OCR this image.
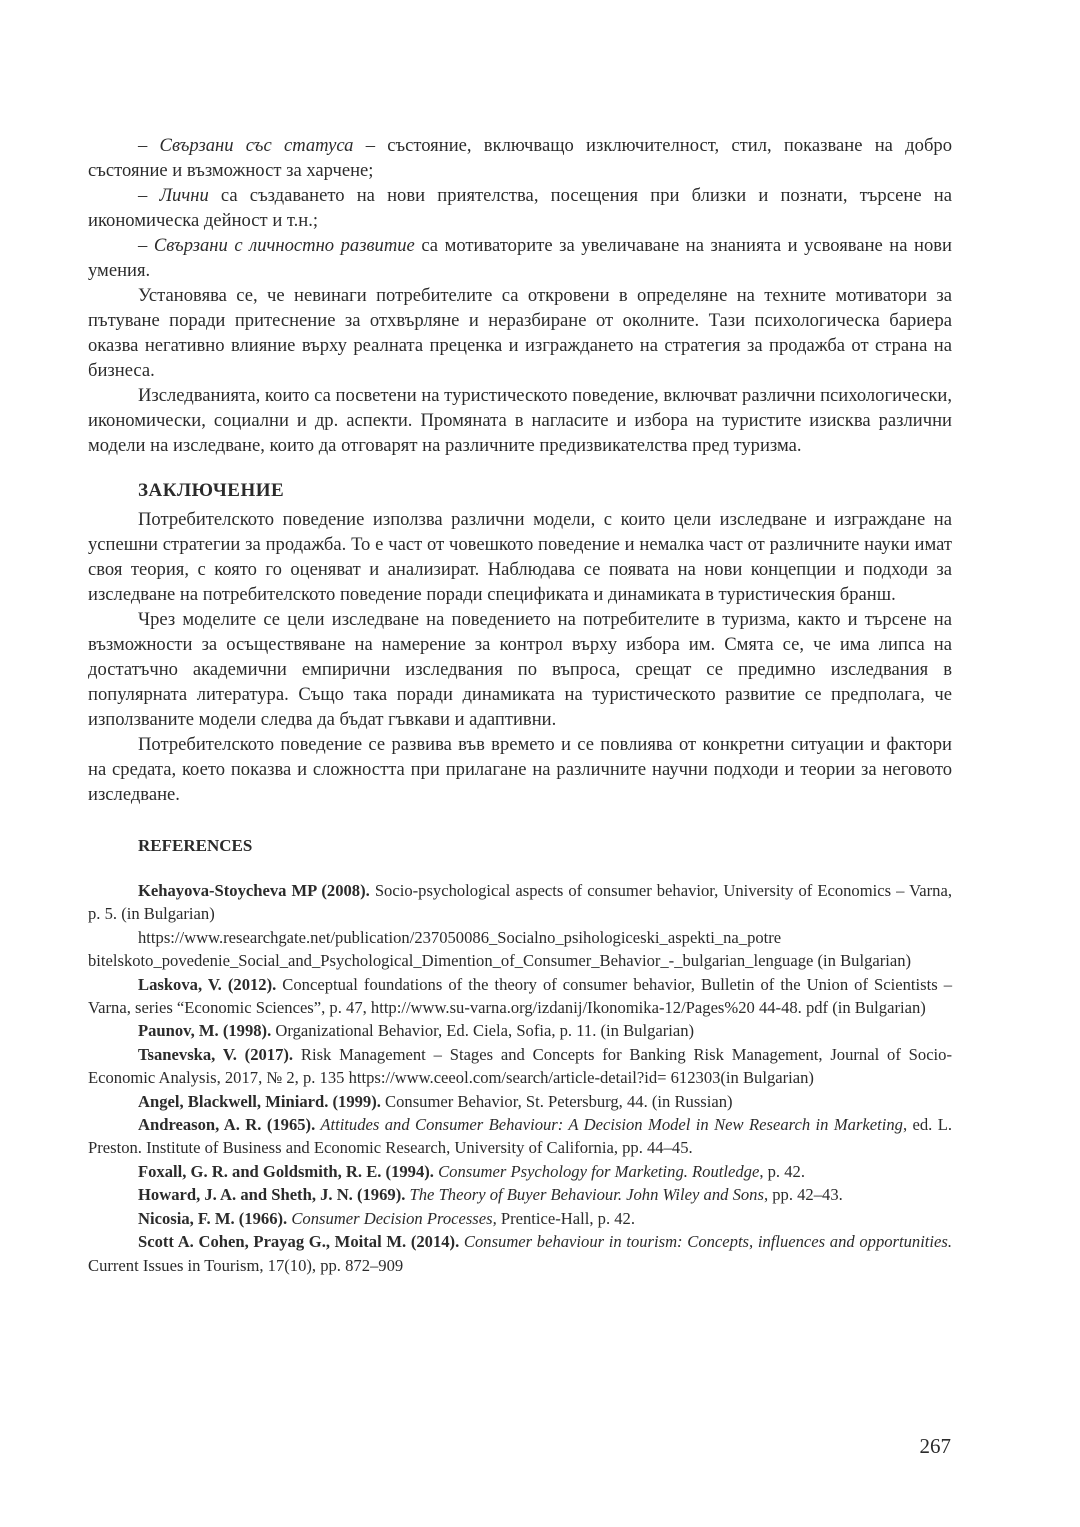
– Свързани със статуса – състояние, включващо изключителност, стил, показване на добро състояние и възможност за харчене;

– Лични са създаването на нови приятелства, посещения при близки и познати, търсене на икономическа дейност и т.н.;

– Свързани с личностно развитие са мотиваторите за увеличаване на знанията и усвояване на нови умения.

Установява се, че невинаги потребителите са откровени в определяне на техните мотиватори за пътуване поради притеснение за отхвърляне и неразбиране от околните. Тази психологическа бариера оказва негативно влияние върху реалната преценка и изграждането на стратегия за продажба от страна на бизнеса.

Изследванията, които са посветени на туристическото поведение, включват различни психологически, икономически, социални и др. аспекти. Промяната в нагласите и избора на туристите изисква различни модели на изследване, които да отговарят на различните предизвикателства пред туризма.

ЗАКЛЮЧЕНИЕ

Потребителското поведение използва различни модели, с които цели изследване и изграждане на успешни стратегии за продажба. То е част от човешкото поведение и немалка част от различните науки имат своя теория, с която го оценяват и анализират. Наблюдава се появата на нови концепции и подходи за изследване на потребителското поведение поради спецификата и динамиката в туристическия бранш.

Чрез моделите се цели изследване на поведението на потребителите в туризма, както и търсене на възможности за осъществяване на намерение за контрол върху избора им. Смята се, че има липса на достатъчно академични емпирични изследвания по въпроса, срещат се предимно изследвания в популярната литература. Също така поради динамиката на туристическото развитие се предполага, че използваните модели следва да бъдат гъвкави и адаптивни.

Потребителското поведение се развива във времето и се повлиява от конкретни ситуации и фактори на средата, което показва и сложността при прилагане на различните научни подходи и теории за неговото изследване.

REFERENCES

Kehayova-Stoycheva MP (2008). Socio-psychological aspects of consumer behavior, University of Economics – Varna, p. 5. (in Bulgarian)

https://www.researchgate.net/publication/237050086_Socialno_psihologiceski_aspekti_na_potre bitelskoto_povedenie_Social_and_Psychological_Dimention_of_Consumer_Behavior_-_bulgarian_lenguage (in Bulgarian)

Laskova, V. (2012). Conceptual foundations of the theory of consumer behavior, Bulletin of the Union of Scientists – Varna, series “Economic Sciences”, p. 47, http://www.su-varna.org/izdanij/Ikonomika-12/Pages%20 44-48. pdf (in Bulgarian)

Paunov, M. (1998). Organizational Behavior, Ed. Ciela, Sofia, p. 11. (in Bulgarian)

Tsanevska, V. (2017). Risk Management – Stages and Concepts for Banking Risk Management, Journal of Socio-Economic Analysis, 2017, № 2, p. 135 https://www.ceeol.com/search/article-detail?id= 612303(in Bulgarian)

Angel, Blackwell, Miniard. (1999). Consumer Behavior, St. Petersburg, 44. (in Russian)

Andreason, A. R. (1965). Attitudes and Consumer Behaviour: A Decision Model in New Research in Marketing, ed. L. Preston. Institute of Business and Economic Research, University of California, pp. 44–45.

Foxall, G. R. and Goldsmith, R. E. (1994). Consumer Psychology for Marketing. Routledge, p. 42.

Howard, J. A. and Sheth, J. N. (1969). The Theory of Buyer Behaviour. John Wiley and Sons, pp. 42–43.

Nicosia, F. M. (1966). Consumer Decision Processes, Prentice-Hall, p. 42.

Scott A. Cohen, Prayag G., Moital M. (2014). Consumer behaviour in tourism: Concepts, influences and opportunities. Current Issues in Tourism, 17(10), pp. 872–909

267
